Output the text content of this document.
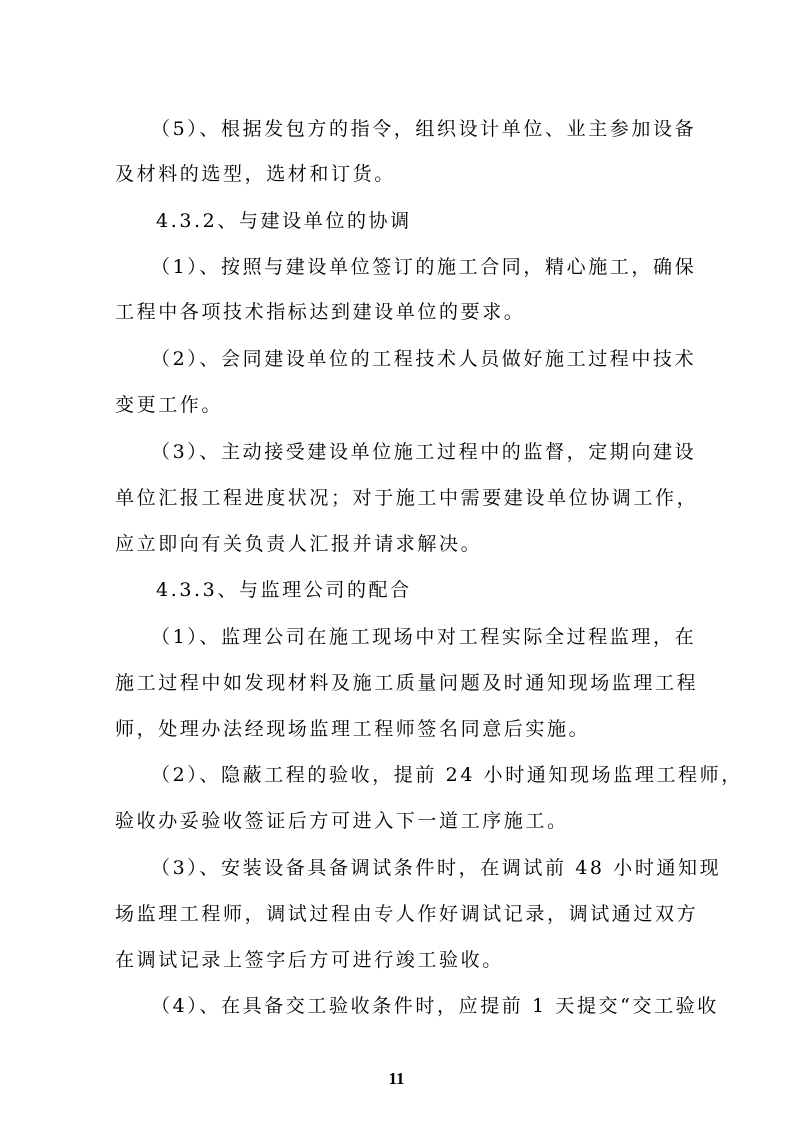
（5）、根据发包方的指令，组织设计单位、业主参加设备
及材料的选型，选材和订货。
4.3.2、与建设单位的协调
（1）、按照与建设单位签订的施工合同，精心施工，确保
工程中各项技术指标达到建设单位的要求。
（2）、会同建设单位的工程技术人员做好施工过程中技术
变更工作。
（3）、主动接受建设单位施工过程中的监督，定期向建设
单位汇报工程进度状况；对于施工中需要建设单位协调工作，
应立即向有关负责人汇报并请求解决。
4.3.3、与监理公司的配合
（1）、监理公司在施工现场中对工程实际全过程监理，在
施工过程中如发现材料及施工质量问题及时通知现场监理工程
师，处理办法经现场监理工程师签名同意后实施。
（2）、隐蔽工程的验收，提前 24 小时通知现场监理工程师，
验收办妥验收签证后方可进入下一道工序施工。
（3）、安装设备具备调试条件时，在调试前 48 小时通知现
场监理工程师，调试过程由专人作好调试记录，调试通过双方
在调试记录上签字后方可进行竣工验收。
（4）、在具备交工验收条件时，应提前 1 天提交“交工验收
11
